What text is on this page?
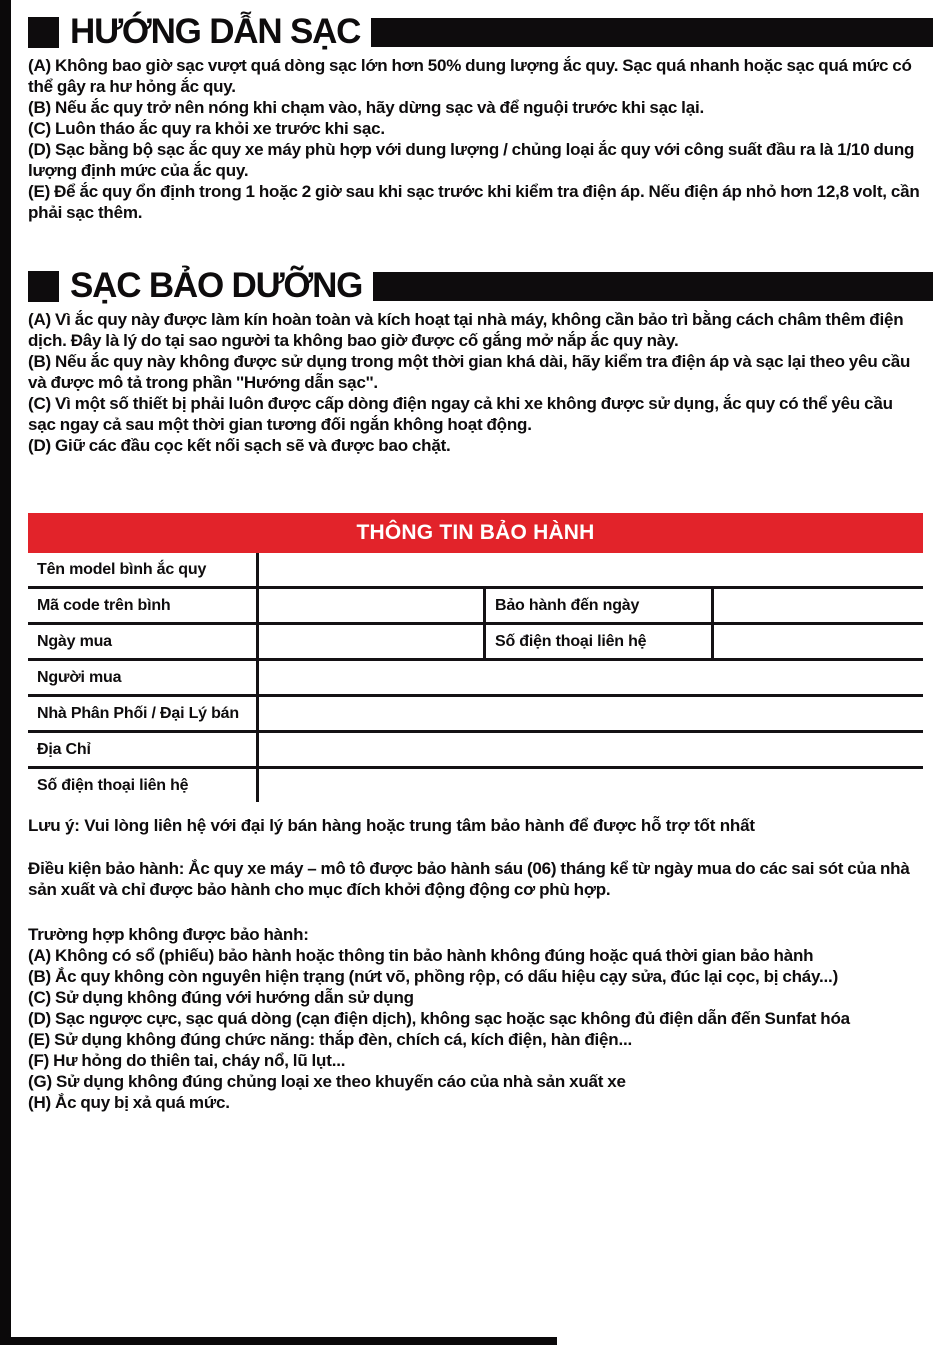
HƯỚNG DẪN SẠC

(A) Không bao giờ sạc vượt quá dòng sạc lớn hơn 50% dung lượng ắc quy. Sạc quá nhanh hoặc sạc quá mức có thể gây ra hư hỏng ắc quy.

(B) Nếu ắc quy trở nên nóng khi chạm vào, hãy dừng sạc và để nguội trước khi sạc lại.

(C) Luôn tháo ắc quy ra khỏi xe trước khi sạc.

(D) Sạc bằng bộ sạc ắc quy xe máy phù hợp với dung lượng / chủng loại ắc quy với công suất đầu ra là 1/10 dung lượng định mức của ắc quy.

(E) Để ắc quy ổn định trong 1 hoặc 2 giờ sau khi sạc trước khi kiểm tra điện áp. Nếu điện áp nhỏ hơn 12,8 volt, cần phải sạc thêm.

SẠC BẢO DƯỠNG

(A) Vì ắc quy này được làm kín hoàn toàn và kích hoạt tại nhà máy, không cần bảo trì bằng cách châm thêm điện dịch. Đây là lý do tại sao người ta không bao giờ được cố gắng mở nắp ắc quy này.

(B) Nếu ắc quy này không được sử dụng trong một thời gian khá dài, hãy kiểm tra điện áp và sạc lại theo yêu cầu và được mô tả trong phần ''Hướng dẫn sạc''.

(C) Vì một số thiết bị phải luôn được cấp dòng điện ngay cả khi xe không được sử dụng, ắc quy có thể yêu cầu sạc ngay cả sau một thời gian tương đối ngắn không hoạt động.

(D) Giữ các đầu cọc kết nối sạch sẽ và được bao chặt.

THÔNG TIN BẢO HÀNH
Tên model bình ắc quy
Mã code trên bình	Bảo hành đến ngày
Ngày mua	Số điện thoại liên hệ
Người mua
Nhà Phân Phối / Đại Lý bán
Địa Chỉ
Số điện thoại liên hệ
Lưu ý: Vui lòng liên hệ với đại lý bán hàng hoặc trung tâm bảo hành để được hỗ trợ tốt nhất
Điều kiện bảo hành: Ắc quy xe máy – mô tô được bảo hành sáu (06) tháng kể từ ngày mua do các sai sót của nhà sản xuất và chỉ được bảo hành cho mục đích khởi động động cơ phù hợp.

Trường hợp không được bảo hành:

(A) Không có sổ (phiếu) bảo hành hoặc thông tin bảo hành không đúng hoặc quá thời gian bảo hành

(B) Ắc quy không còn nguyên hiện trạng (nứt võ, phồng rộp, có dấu hiệu cạy sửa, đúc lại cọc, bị cháy...)

(C) Sử dụng không đúng với hướng dẫn sử dụng

(D) Sạc ngược cực, sạc quá dòng (cạn điện dịch), không sạc hoặc sạc không đủ điện dẫn đến Sunfat hóa

(E) Sử dụng không đúng chức năng: thắp đèn, chích cá, kích điện, hàn điện...

(F) Hư hỏng do thiên tai, cháy nổ, lũ lụt...

(G) Sử dụng không đúng chủng loại xe theo khuyến cáo của nhà sản xuất xe

(H) Ắc quy bị xả quá mức.
